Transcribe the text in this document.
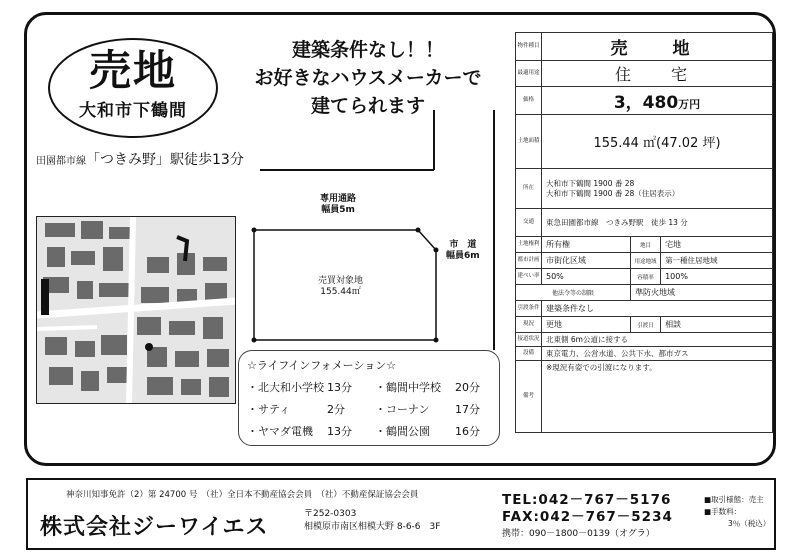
売地
大和市下鶴間
建築条件なし！！
お好きなハウスメーカーで
建てられます
田園都市線「つきみ野」駅徒歩13分
専用通路
幅員5m
市　道
幅員6m
売買対象地
155.44㎡
☆ライフインフォメーション☆
・北大和小学校 13分	・鶴間中学校	20分
・サティ	2分	・コーナン	17分
・ヤマダ電機	13分	・鶴間公園	16分
物件種目	売　地		
最適用途	住　宅		
価格	3，480万円		
土地面積	155.44 ㎡(47.02 坪)		
所在	大和市下鶴間 1900 番 28
大和市下鶴間 1900 番 28（住居表示）		

交通	東急田園都市線　つきみ野駅　徒歩 13 分		
土地権利	所有権	地目	宅地
都市計画	市街化区域	用途地域	第一種住居地域
建ぺい率	50%	容積率	100%
他法令等の制限		準防火地域	
引渡条件	建築条件なし		
現況	更地	引渡日	相談
接道状況	北東側 6m公道に接する		
設備	東京電力、公営水道、公共下水、都市ガス		
備考	※現況有姿での引渡になります。		
神奈川知事免許（2）第 24700 号　（社）全日本不動産協会会員　（社）不動産保証協会会員
株式会社ジーワイエス
〒252-0303
相模原市南区相模大野 8-6-6　3F
TEL:042－767－5176
FAX:042－767－5234
携帯：090－1800－0139（オグラ）
■取引様態：売主
■手数料：
3％（税込）
